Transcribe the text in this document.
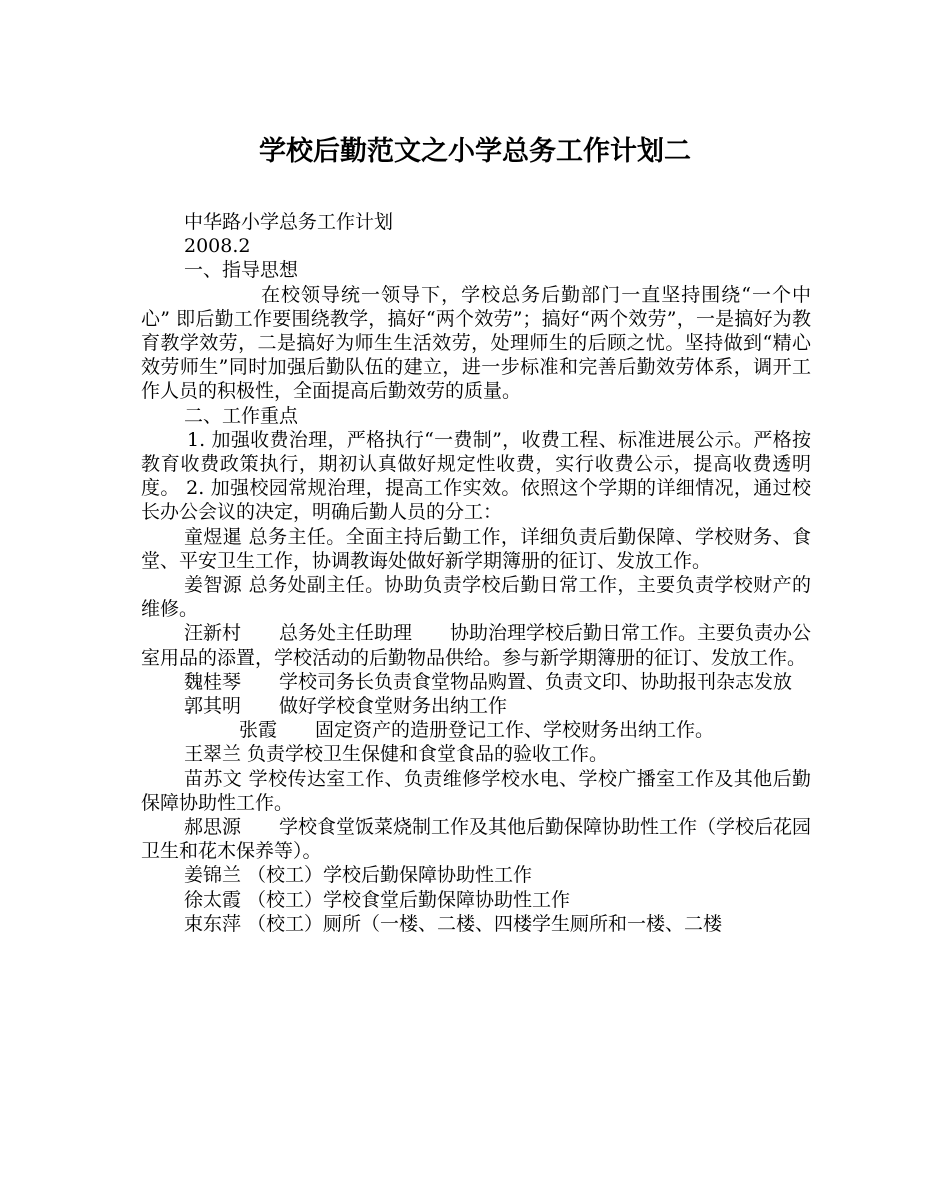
学校后勤范文之小学总务工作计划二

中华路小学总务工作计划

2008.2

一、指导思想

在校领导统一领导下，学校总务后勤部门一直坚持围绕“一个中心” 即后勤工作要围绕教学，搞好“两个效劳”；搞好“两个效劳”，一是搞好为教育教学效劳，二是搞好为师生生活效劳，处理师生的后顾之忧。坚持做到“精心效劳师生”同时加强后勤队伍的建立，进一步标准和完善后勤效劳体系，调开工作人员的积极性，全面提高后勤效劳的质量。

二、工作重点

1. 加强收费治理，严格执行“一费制”，收费工程、标准进展公示。严格按教育收费政策执行，期初认真做好规定性收费，实行收费公示，提高收费透明度。 2. 加强校园常规治理，提高工作实效。依照这个学期的详细情况，通过校长办公会议的决定，明确后勤人员的分工：

童煜暹 总务主任。全面主持后勤工作，详细负责后勤保障、学校财务、食堂、平安卫生工作，协调教诲处做好新学期簿册的征订、发放工作。

姜智源 总务处副主任。协助负责学校后勤日常工作，主要负责学校财产的维修。

汪新村　　总务处主任助理　　协助治理学校后勤日常工作。主要负责办公室用品的添置，学校活动的后勤物品供给。参与新学期簿册的征订、发放工作。

魏桂琴　　学校司务长负责食堂物品购置、负责文印、协助报刊杂志发放

郭其明　　做好学校食堂财务出纳工作

张霞　　固定资产的造册登记工作、学校财务出纳工作。

王翠兰 负责学校卫生保健和食堂食品的验收工作。

苗苏文 学校传达室工作、负责维修学校水电、学校广播室工作及其他后勤保障协助性工作。

郝思源　　学校食堂饭菜烧制工作及其他后勤保障协助性工作（学校后花园卫生和花木保养等）。

姜锦兰 （校工）学校后勤保障协助性工作

徐太霞 （校工）学校食堂后勤保障协助性工作

束东萍 （校工）厕所（一楼、二楼、四楼学生厕所和一楼、二楼
